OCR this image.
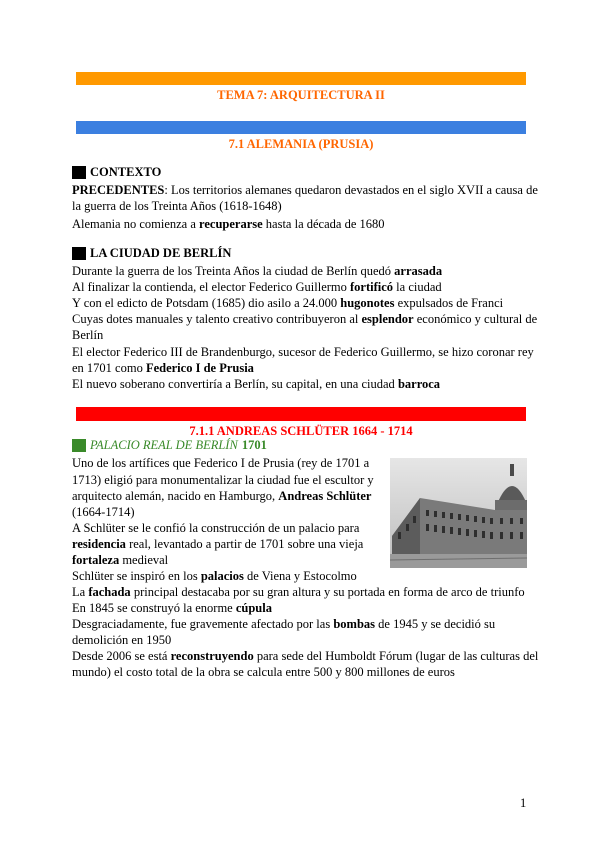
TEMA 7: ARQUITECTURA II
7.1 ALEMANIA (PRUSIA)
CONTEXTO
PRECEDENTES: Los territorios alemanes quedaron devastados en el siglo XVII a causa de
la guerra de los Treinta Años (1618-1648)
Alemania no comienza a recuperarse hasta la década de 1680
LA CIUDAD DE BERLÍN
Durante la guerra de los Treinta Años la ciudad de Berlín quedó arrasada
Al finalizar la contienda, el elector Federico Guillermo fortificó la ciudad
Y con el edicto de Potsdam (1685) dio asilo a 24.000 hugonotes expulsados de Franci
Cuyas dotes manuales y talento creativo contribuyeron al esplendor económico y cultural de
Berlín
El elector Federico III de Brandenburgo, sucesor de Federico Guillermo, se hizo coronar rey
en 1701 como Federico I de Prusia
El nuevo soberano convertiría a Berlín, su capital, en una ciudad barroca
7.1.1 ANDREAS SCHLÜTER 1664 - 1714
PALACIO REAL DE BERLÍN 1701
Uno de los artífices que Federico I de Prusia (rey de 1701 a
1713) eligió para monumentalizar la ciudad fue el escultor y
arquitecto alemán, nacido en Hamburgo, Andreas Schlüter
(1664-1714)
A Schlüter se le confió la construcción de un palacio para
residencia real, levantado a partir de 1701 sobre una vieja
fortaleza medieval
Schlüter se inspiró en los palacios de Viena y Estocolmo
La fachada principal destacaba por su gran altura y su portada en forma de arco de triunfo
En 1845 se construyó la enorme cúpula
Desgraciadamente, fue gravemente afectado por las bombas de 1945 y se decidió su
demolición en 1950
Desde 2006 se está reconstruyendo para sede del Humboldt Fórum (lugar de las culturas del
mundo) el costo total de la obra se calcula entre 500 y 800 millones de euros
1
